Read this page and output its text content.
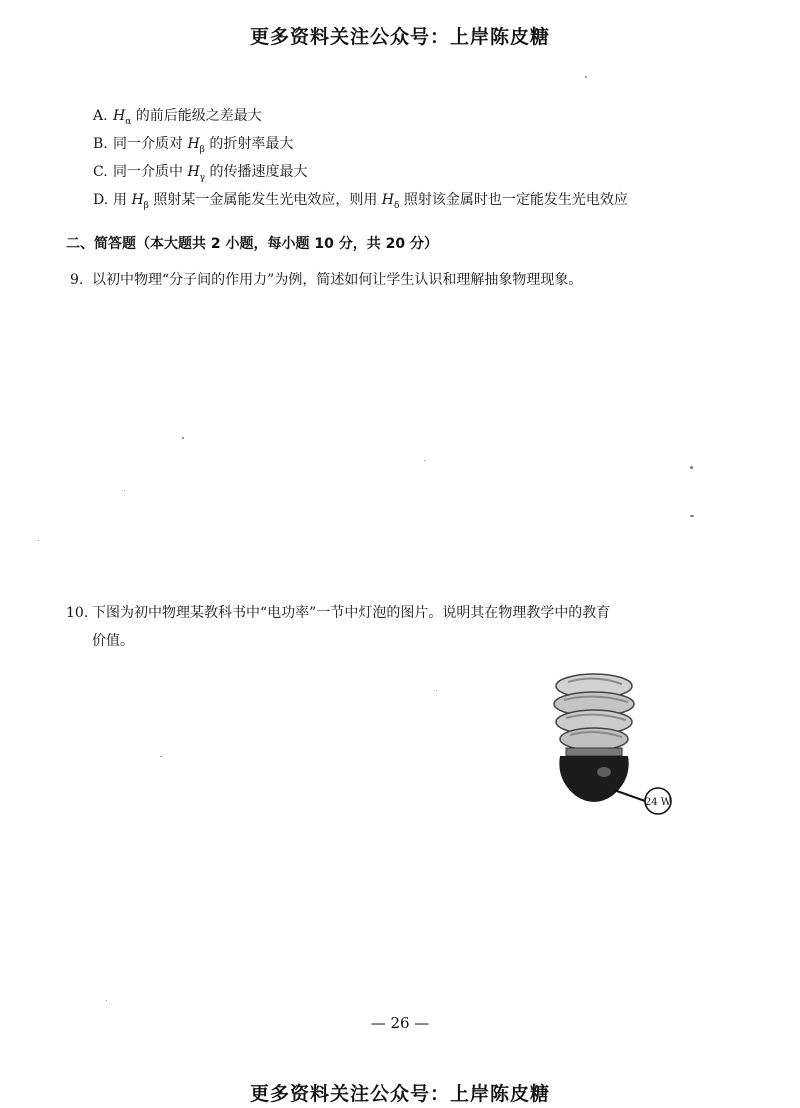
更多资料关注公众号：上岸陈皮糖
A. $H_\alpha$ 的前后能级之差最大
B. 同一介质对 $H_\beta$ 的折射率最大
C. 同一介质中 $H_\gamma$ 的传播速度最大
D. 用 $H_\beta$ 照射某一金属能发生光电效应，则用 $H_\delta$ 照射该金属时也一定能发生光电效应
二、简答题（本大题共 2 小题，每小题 10 分，共 20 分）
9. 以初中物理“分子间的作用力”为例，简述如何让学生认识和理解抽象物理现象。
10. 下图为初中物理某教科书中“电功率”一节中灯泡的图片。说明其在物理教学中的教育
价值。
24 W
— 26 —
更多资料关注公众号：上岸陈皮糖
